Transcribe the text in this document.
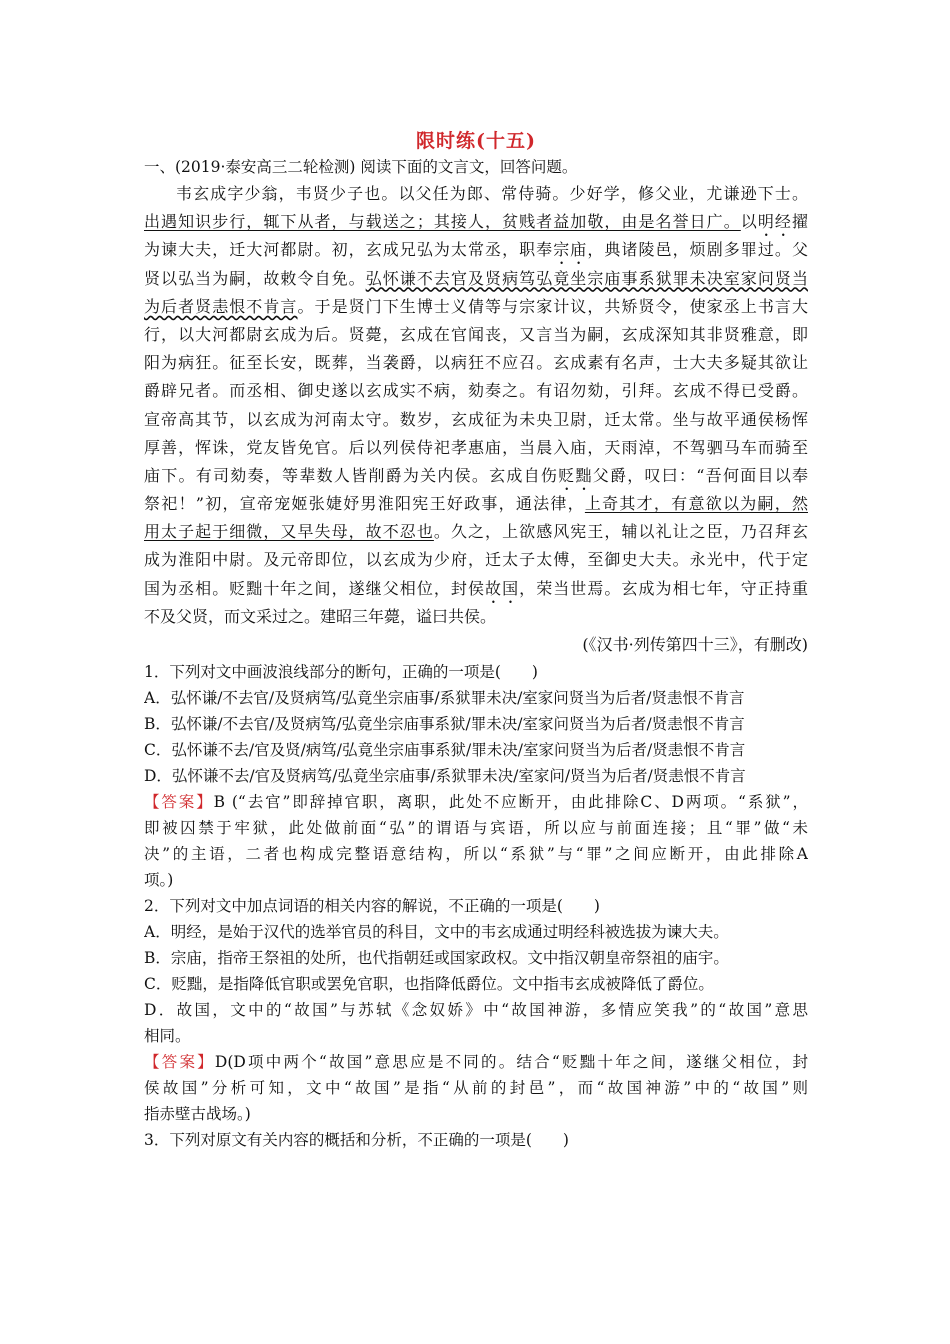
限时练(十五)
一、(2019·泰安高三二轮检测) 阅读下面的文言文，回答问题。
韦玄成字少翁，韦贤少子也。以父任为郎、常侍骑。少好学，修父业，尤谦逊下士。
出遇知识步行，辄下从者，与载送之；其接人，贫贱者益加敬，由是名誉日广。以明经擢
为谏大夫，迁大河都尉。初，玄成兄弘为太常丞，职奉宗庙，典诸陵邑，烦剧多罪过。父
贤以弘当为嗣，故敕令自免。弘怀谦不去官及贤病笃弘竟坐宗庙事系狱罪未决室家问贤当
为后者贤恚恨不肯言。于是贤门下生博士义倩等与宗家计议，共矫贤令，使家丞上书言大
行，以大河都尉玄成为后。贤薨，玄成在官闻丧，又言当为嗣，玄成深知其非贤雅意，即
阳为病狂。征至长安，既葬，当袭爵，以病狂不应召。玄成素有名声，士大夫多疑其欲让
爵辟兄者。而丞相、御史遂以玄成实不病，劾奏之。有诏勿劾，引拜。玄成不得已受爵。
宣帝高其节，以玄成为河南太守。数岁，玄成征为未央卫尉，迁太常。坐与故平通侯杨恽
厚善，恽诛，党友皆免官。后以列侯侍祀孝惠庙，当晨入庙，天雨淖，不驾驷马车而骑至
庙下。有司劾奏，等辈数人皆削爵为关内侯。玄成自伤贬黜父爵，叹曰：“吾何面目以奉
祭祀！”初，宣帝宠姬张婕妤男淮阳宪王好政事，通法律，上奇其才，有意欲以为嗣，然
用太子起于细微，又早失母，故不忍也。久之，上欲感风宪王，辅以礼让之臣，乃召拜玄
成为淮阳中尉。及元帝即位，以玄成为少府，迁太子太傅，至御史大夫。永光中，代于定
国为丞相。贬黜十年之间，遂继父相位，封侯故国，荣当世焉。玄成为相七年，守正持重
不及父贤，而文采过之。建昭三年薨，谥曰共侯。
(《汉书·列传第四十三》，有删改)
1．下列对文中画波浪线部分的断句，正确的一项是(　　)
A．弘怀谦/不去官/及贤病笃/弘竟坐宗庙事/系狱罪未决/室家问贤当为后者/贤恚恨不肯言
B．弘怀谦/不去官/及贤病笃/弘竟坐宗庙事系狱/罪未决/室家问贤当为后者/贤恚恨不肯言
C．弘怀谦不去/官及贤/病笃/弘竟坐宗庙事系狱/罪未决/室家问贤当为后者/贤恚恨不肯言
D．弘怀谦不去/官及贤病笃/弘竟坐宗庙事/系狱罪未决/室家问/贤当为后者/贤恚恨不肯言
【答案】B (“去官”即辞掉官职，离职，此处不应断开，由此排除C、D两项。“系狱”，
即被囚禁于牢狱，此处做前面“弘”的谓语与宾语，所以应与前面连接；且“罪”做“未
决”的主语，二者也构成完整语意结构，所以“系狱”与“罪”之间应断开，由此排除A
项。)
2．下列对文中加点词语的相关内容的解说，不正确的一项是(　　)
A．明经，是始于汉代的选举官员的科目，文中的韦玄成通过明经科被选拔为谏大夫。
B．宗庙，指帝王祭祖的处所，也代指朝廷或国家政权。文中指汉朝皇帝祭祖的庙宇。
C．贬黜，是指降低官职或罢免官职，也指降低爵位。文中指韦玄成被降低了爵位。
D．故国，文中的“故国”与苏轼《念奴娇》中“故国神游，多情应笑我”的“故国”意思
相同。
【答案】D(D项中两个“故国”意思应是不同的。结合“贬黜十年之间，遂继父相位，封
侯故国”分析可知，文中“故国”是指“从前的封邑”，而“故国神游”中的“故国”则
指赤壁古战场。)
3．下列对原文有关内容的概括和分析，不正确的一项是(　　)
